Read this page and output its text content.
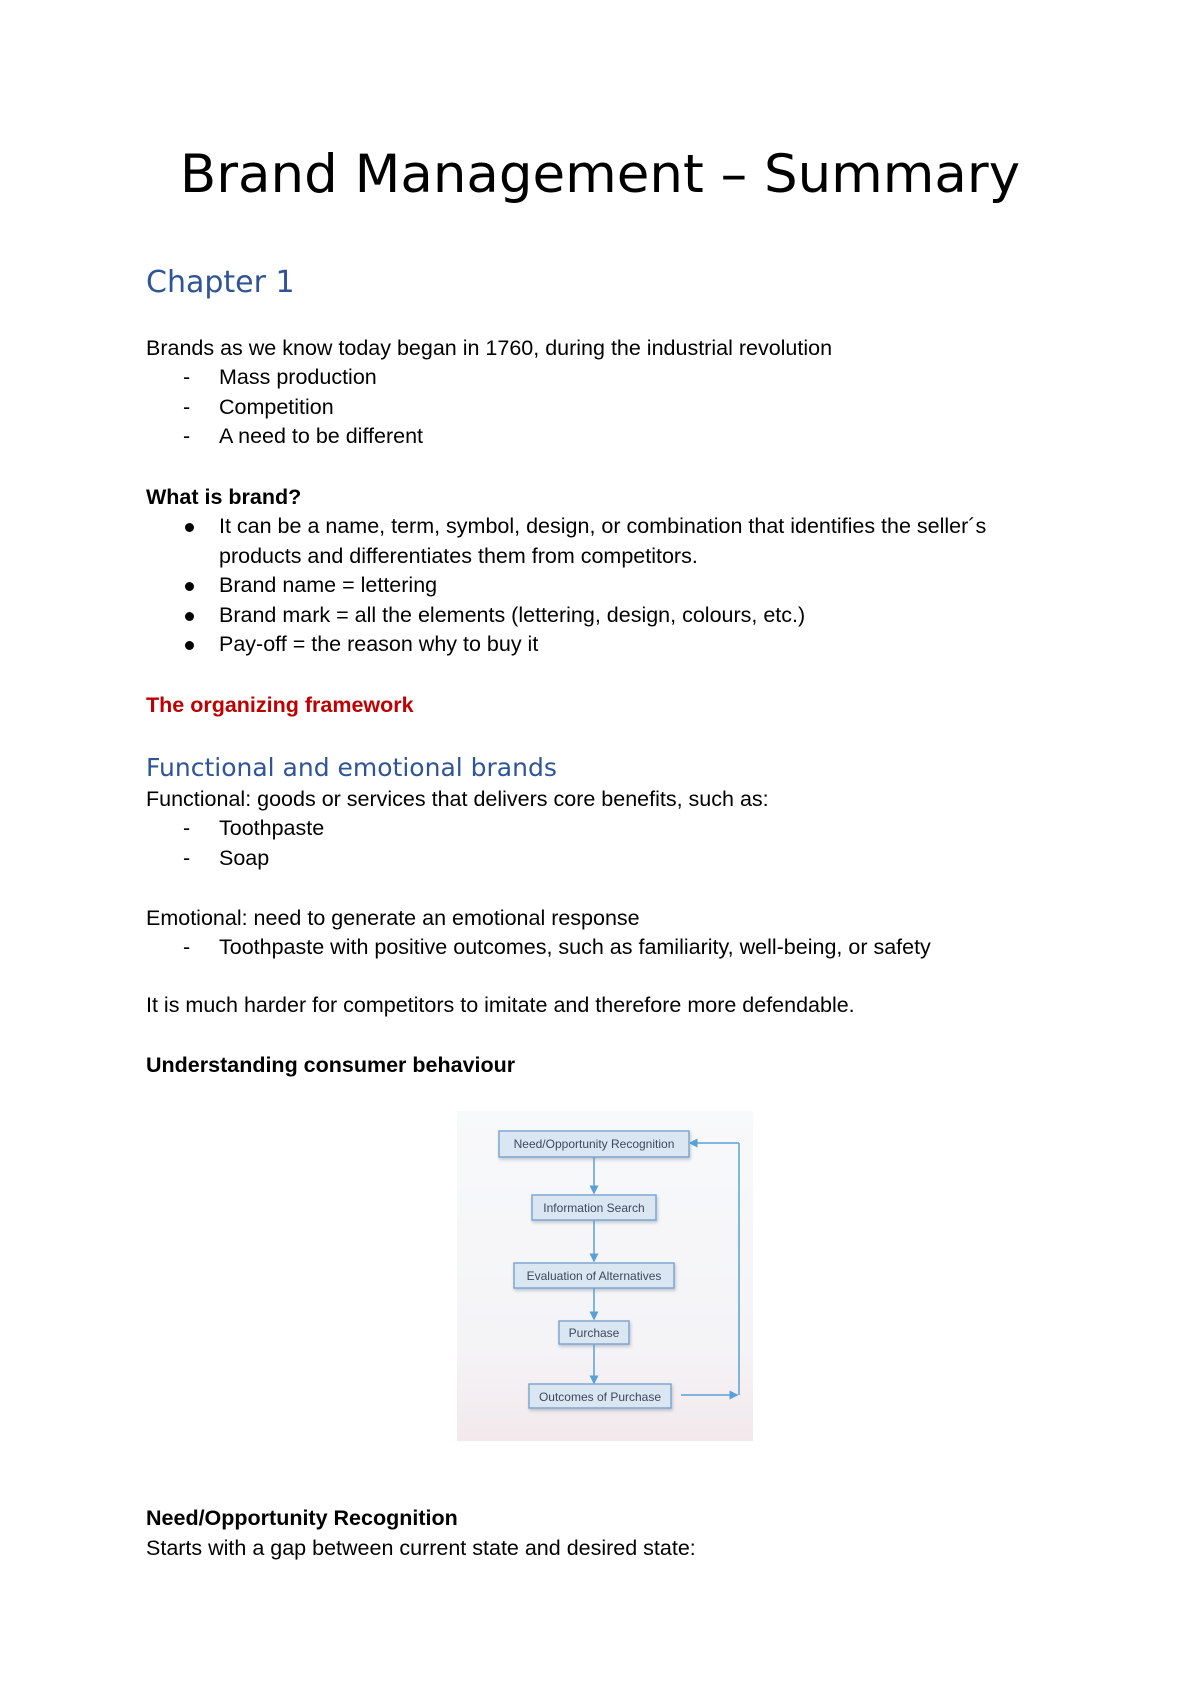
Brand Management – Summary
Chapter 1

Brands as we know today began in 1760, during the industrial revolution

- Mass production
- Competition
- A need to be different

What is brand?

It can be a name, term, symbol, design, or combination that identifies the seller´s
products and differentiates them from competitors.
Brand name = lettering
Brand mark = all the elements (lettering, design, colours, etc.)
Pay-off = the reason why to buy it

The organizing framework

Functional and emotional brands

Functional: goods or services that delivers core benefits, such as:

- Toothpaste
- Soap

Emotional: need to generate an emotional response

- Toothpaste with positive outcomes, such as familiarity, well-being, or safety

It is much harder for competitors to imitate and therefore more defendable.

Understanding consumer behaviour

Need/Opportunity Recognition
Information Search
Evaluation of Alternatives
Purchase
Outcomes of Purchase

Need/Opportunity Recognition

Starts with a gap between current state and desired state:
